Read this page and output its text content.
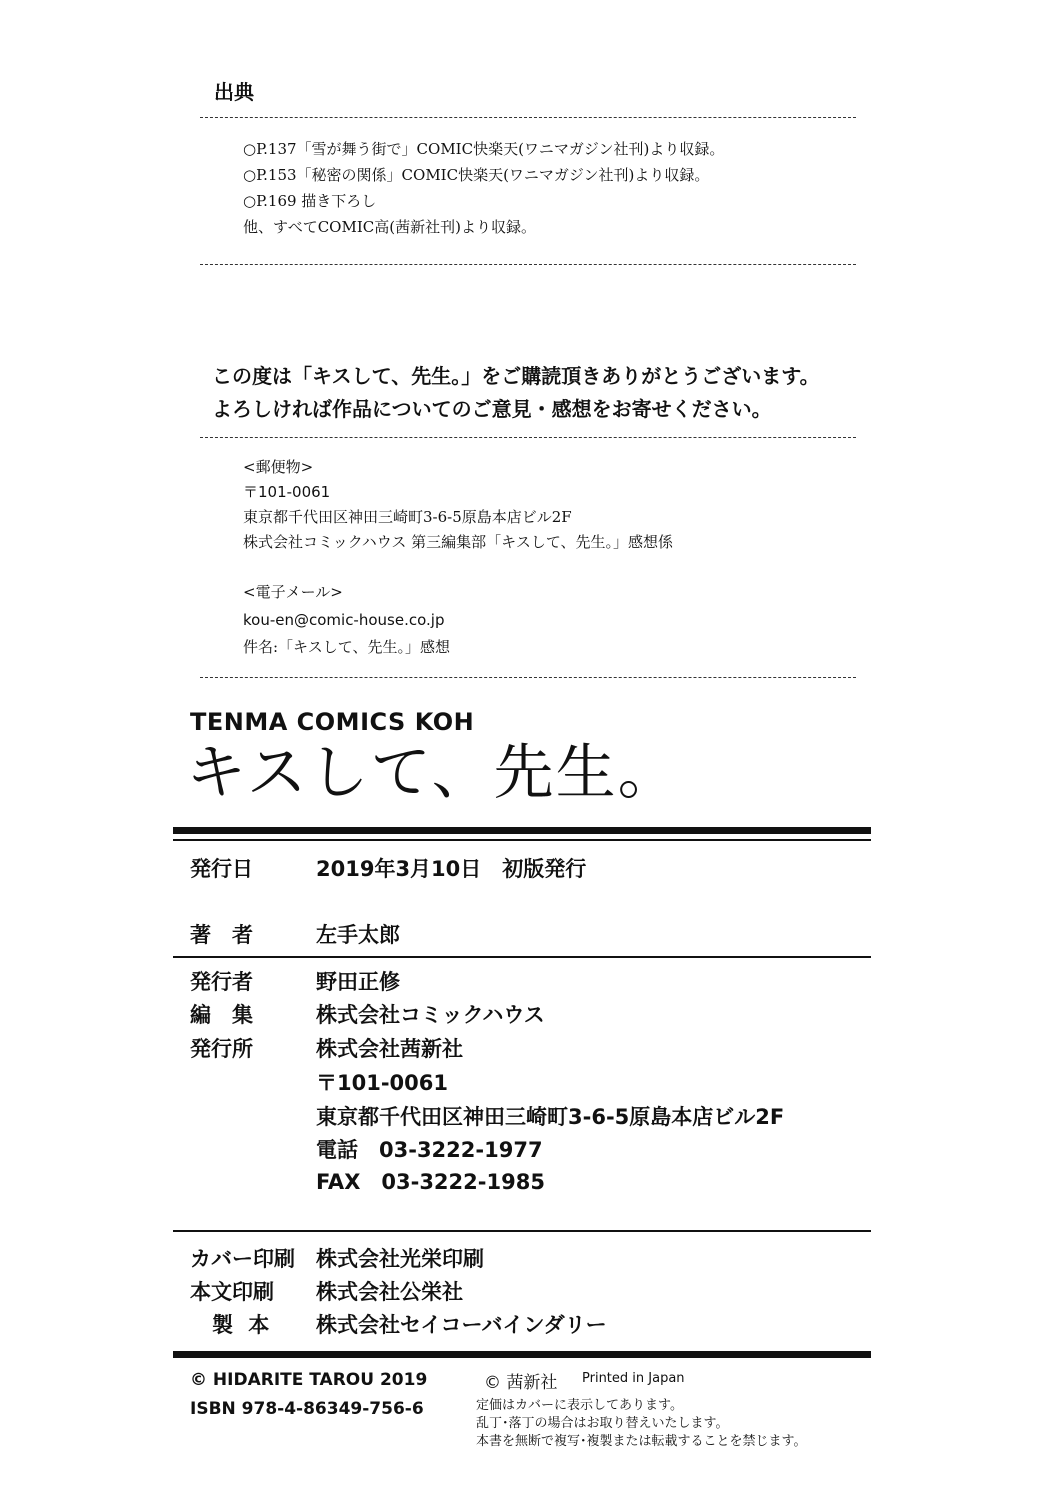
出典
○P.137「雪が舞う街で」COMIC快楽天(ワニマガジン社刊)より収録。
○P.153「秘密の関係」COMIC快楽天(ワニマガジン社刊)より収録。
○P.169 描き下ろし
他、すべてCOMIC高(茜新社刊)より収録。
この度は「キスして、先生。」をご購読頂きありがとうございます。
よろしければ作品についてのご意見・感想をお寄せください。
<郵便物>
〒101-0061
東京都千代田区神田三崎町3-6-5原島本店ビル2F
株式会社コミックハウス 第三編集部「キスして、先生。」感想係
<電子メール>
kou-en@comic-house.co.jp
件名:「キスして、先生。」感想
TENMA COMICS KOH
キスして、先生。
発行日	2019年3月10日　初版発行
著　者	左手太郎
発行者	野田正修
編　集	株式会社コミックハウス
発行所	株式会社茜新社
〒101-0061
東京都千代田区神田三崎町3-6-5原島本店ビル2F
電話　03-3222-1977
FAX　03-3222-1985
カバー印刷 株式会社光栄印刷
本文印刷 株式会社公栄社
製 本 株式会社セイコーバインダリー
© HIDARITE TAROU 2019
ISBN 978-4-86349-756-6
© 茜新社 Printed in Japan
定価はカバーに表示してあります。
乱丁･落丁の場合はお取り替えいたします。
本書を無断で複写･複製または転載することを禁じます。
